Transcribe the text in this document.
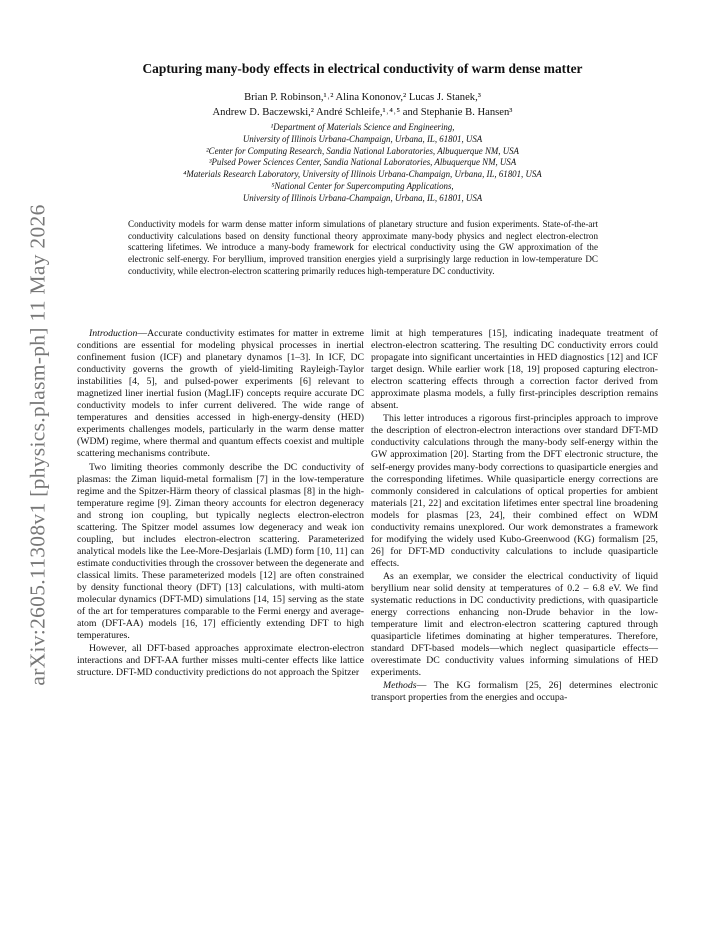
arXiv:2605.11308v1 [physics.plasm-ph] 11 May 2026
Capturing many-body effects in electrical conductivity of warm dense matter
Brian P. Robinson,¹˒² Alina Kononov,² Lucas J. Stanek,³
Andrew D. Baczewski,² André Schleife,¹˒⁴˒⁵ and Stephanie B. Hansen³
¹Department of Materials Science and Engineering,
University of Illinois Urbana-Champaign, Urbana, IL, 61801, USA
²Center for Computing Research, Sandia National Laboratories, Albuquerque NM, USA
³Pulsed Power Sciences Center, Sandia National Laboratories, Albuquerque NM, USA
⁴Materials Research Laboratory, University of Illinois Urbana-Champaign, Urbana, IL, 61801, USA
⁵National Center for Supercomputing Applications,
University of Illinois Urbana-Champaign, Urbana, IL, 61801, USA
Conductivity models for warm dense matter inform simulations of planetary structure and fusion experiments. State-of-the-art conductivity calculations based on density functional theory approximate many-body physics and neglect electron-electron scattering lifetimes. We introduce a many-body framework for electrical conductivity using the GW approximation of the electronic self-energy. For beryllium, improved transition energies yield a surprisingly large reduction in low-temperature DC conductivity, while electron-electron scattering primarily reduces high-temperature DC conductivity.

Introduction—Accurate conductivity estimates for matter in extreme conditions are essential for modeling physical processes in inertial confinement fusion (ICF) and planetary dynamos [1–3]. In ICF, DC conductivity governs the growth of yield-limiting Rayleigh-Taylor instabilities [4, 5], and pulsed-power experiments [6] relevant to magnetized liner inertial fusion (MagLIF) concepts require accurate DC conductivity models to infer current delivered. The wide range of temperatures and densities accessed in high-energy-density (HED) experiments challenges models, particularly in the warm dense matter (WDM) regime, where thermal and quantum effects coexist and multiple scattering mechanisms contribute.

Two limiting theories commonly describe the DC conductivity of plasmas: the Ziman liquid-metal formalism [7] in the low-temperature regime and the Spitzer-Härm theory of classical plasmas [8] in the high-temperature regime [9]. Ziman theory accounts for electron degeneracy and strong ion coupling, but typically neglects electron-electron scattering. The Spitzer model assumes low degeneracy and weak ion coupling, but includes electron-electron scattering. Parameterized analytical models like the Lee-More-Desjarlais (LMD) form [10, 11] can estimate conductivities through the crossover between the degenerate and classical limits. These parameterized models [12] are often constrained by density functional theory (DFT) [13] calculations, with multi-atom molecular dynamics (DFT-MD) simulations [14, 15] serving as the state of the art for temperatures comparable to the Fermi energy and average-atom (DFT-AA) models [16, 17] efficiently extending DFT to high temperatures.

However, all DFT-based approaches approximate electron-electron interactions and DFT-AA further misses multi-center effects like lattice structure. DFT-MD conductivity predictions do not approach the Spitzer

limit at high temperatures [15], indicating inadequate treatment of electron-electron scattering. The resulting DC conductivity errors could propagate into significant uncertainties in HED diagnostics [12] and ICF target design. While earlier work [18, 19] proposed capturing electron-electron scattering effects through a correction factor derived from approximate plasma models, a fully first-principles description remains absent.

This letter introduces a rigorous first-principles approach to improve the description of electron-electron interactions over standard DFT-MD conductivity calculations through the many-body self-energy within the GW approximation [20]. Starting from the DFT electronic structure, the self-energy provides many-body corrections to quasiparticle energies and the corresponding lifetimes. While quasiparticle energy corrections are commonly considered in calculations of optical properties for ambient materials [21, 22] and excitation lifetimes enter spectral line broadening models for plasmas [23, 24], their combined effect on WDM conductivity remains unexplored. Our work demonstrates a framework for modifying the widely used Kubo-Greenwood (KG) formalism [25, 26] for DFT-MD conductivity calculations to include quasiparticle effects.

As an exemplar, we consider the electrical conductivity of liquid beryllium near solid density at temperatures of 0.2 – 6.8 eV. We find systematic reductions in DC conductivity predictions, with quasiparticle energy corrections enhancing non-Drude behavior in the low-temperature limit and electron-electron scattering captured through quasiparticle lifetimes dominating at higher temperatures. Therefore, standard DFT-based models—which neglect quasiparticle effects—overestimate DC conductivity values informing simulations of HED experiments.

Methods— The KG formalism [25, 26] determines electronic transport properties from the energies and occupa-
